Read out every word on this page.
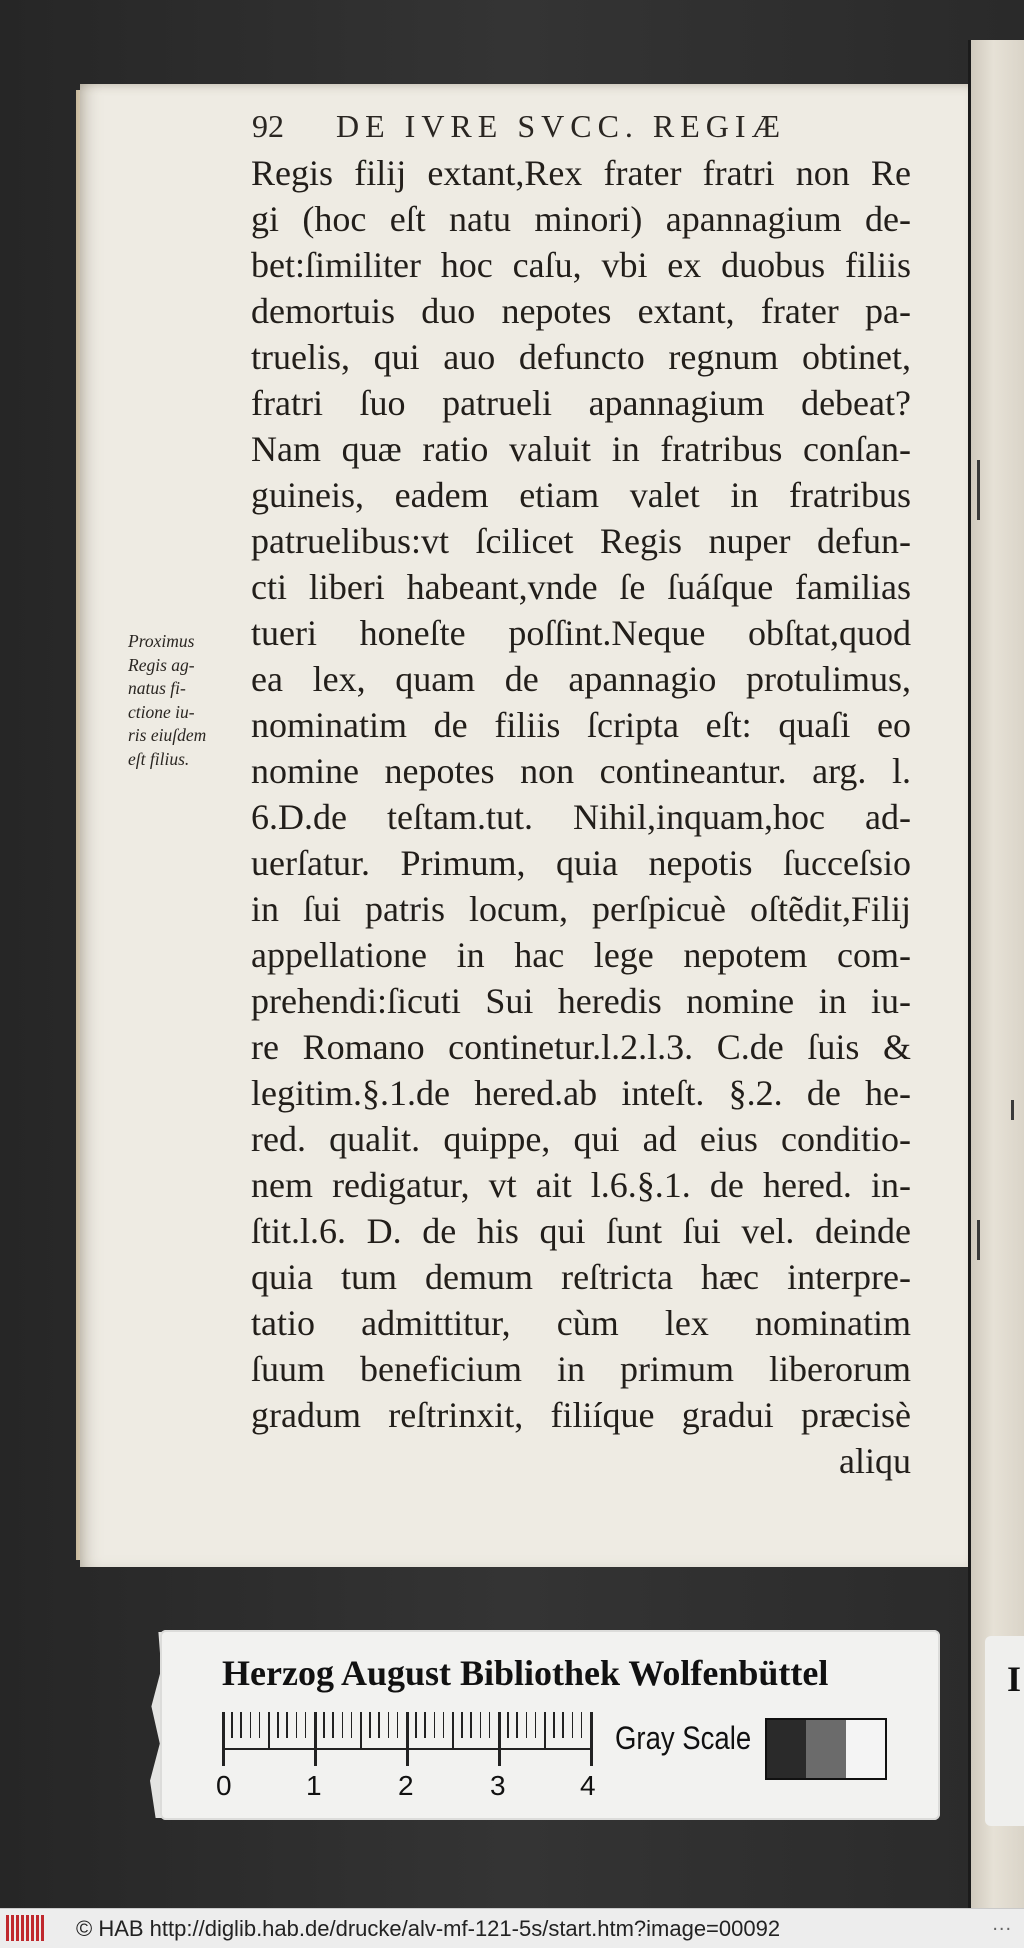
92 DE IVRE SVCC. REGIÆ
Regis filij extant,Rex frater fratri non Re
gi (hoc eſt natu minori) apannagium de-
bet:ſimiliter hoc caſu, vbi ex duobus filiis
demortuis duo nepotes extant, frater pa-
truelis, qui auo defuncto regnum obtinet,
fratri ſuo patrueli apannagium debeat?
Nam quæ ratio valuit in fratribus conſan-
guineis, eadem etiam valet in fratribus
patruelibus:vt ſcilicet Regis nuper defun-
cti liberi habeant,vnde ſe ſuáſque familias
tueri honeſte poſſint.Neque obſtat,quod
ea lex, quam de apannagio protulimus,
nominatim de filiis ſcripta eſt: quaſi eo
nomine nepotes non contineantur. arg. l.
6.D.de teſtam.tut. Nihil,inquam,hoc ad-
uerſatur. Primum, quia nepotis ſucceſsio
in ſui patris locum, perſpicuè oſtẽdit,Filij
appellatione in hac lege nepotem com-
prehendi:ſicuti Sui heredis nomine in iu-
re Romano continetur.l.2.l.3. C.de ſuis &
legitim.§.1.de hered.ab inteſt. §.2. de he-
red. qualit. quippe, qui ad eius conditio-
nem redigatur, vt ait l.6.§.1. de hered. in-
ſtit.l.6. D. de his qui ſunt ſui vel. deinde
quia tum demum reſtricta hæc interpre-
tatio admittitur, cùm lex nominatim
ſuum beneficium in primum liberorum
gradum reſtrinxit, filiíque gradui præcisè
aliqu
Proximus
Regis ag-
natus fi-
ctione iu-
ris eiuſdem
eſt filius.
Herzog August Bibliothek Wolfenbüttel
0	1	2	3	4
Gray Scale
I
© HAB http://diglib.hab.de/drucke/alv-mf-121-5s/start.htm?image=00092	...
